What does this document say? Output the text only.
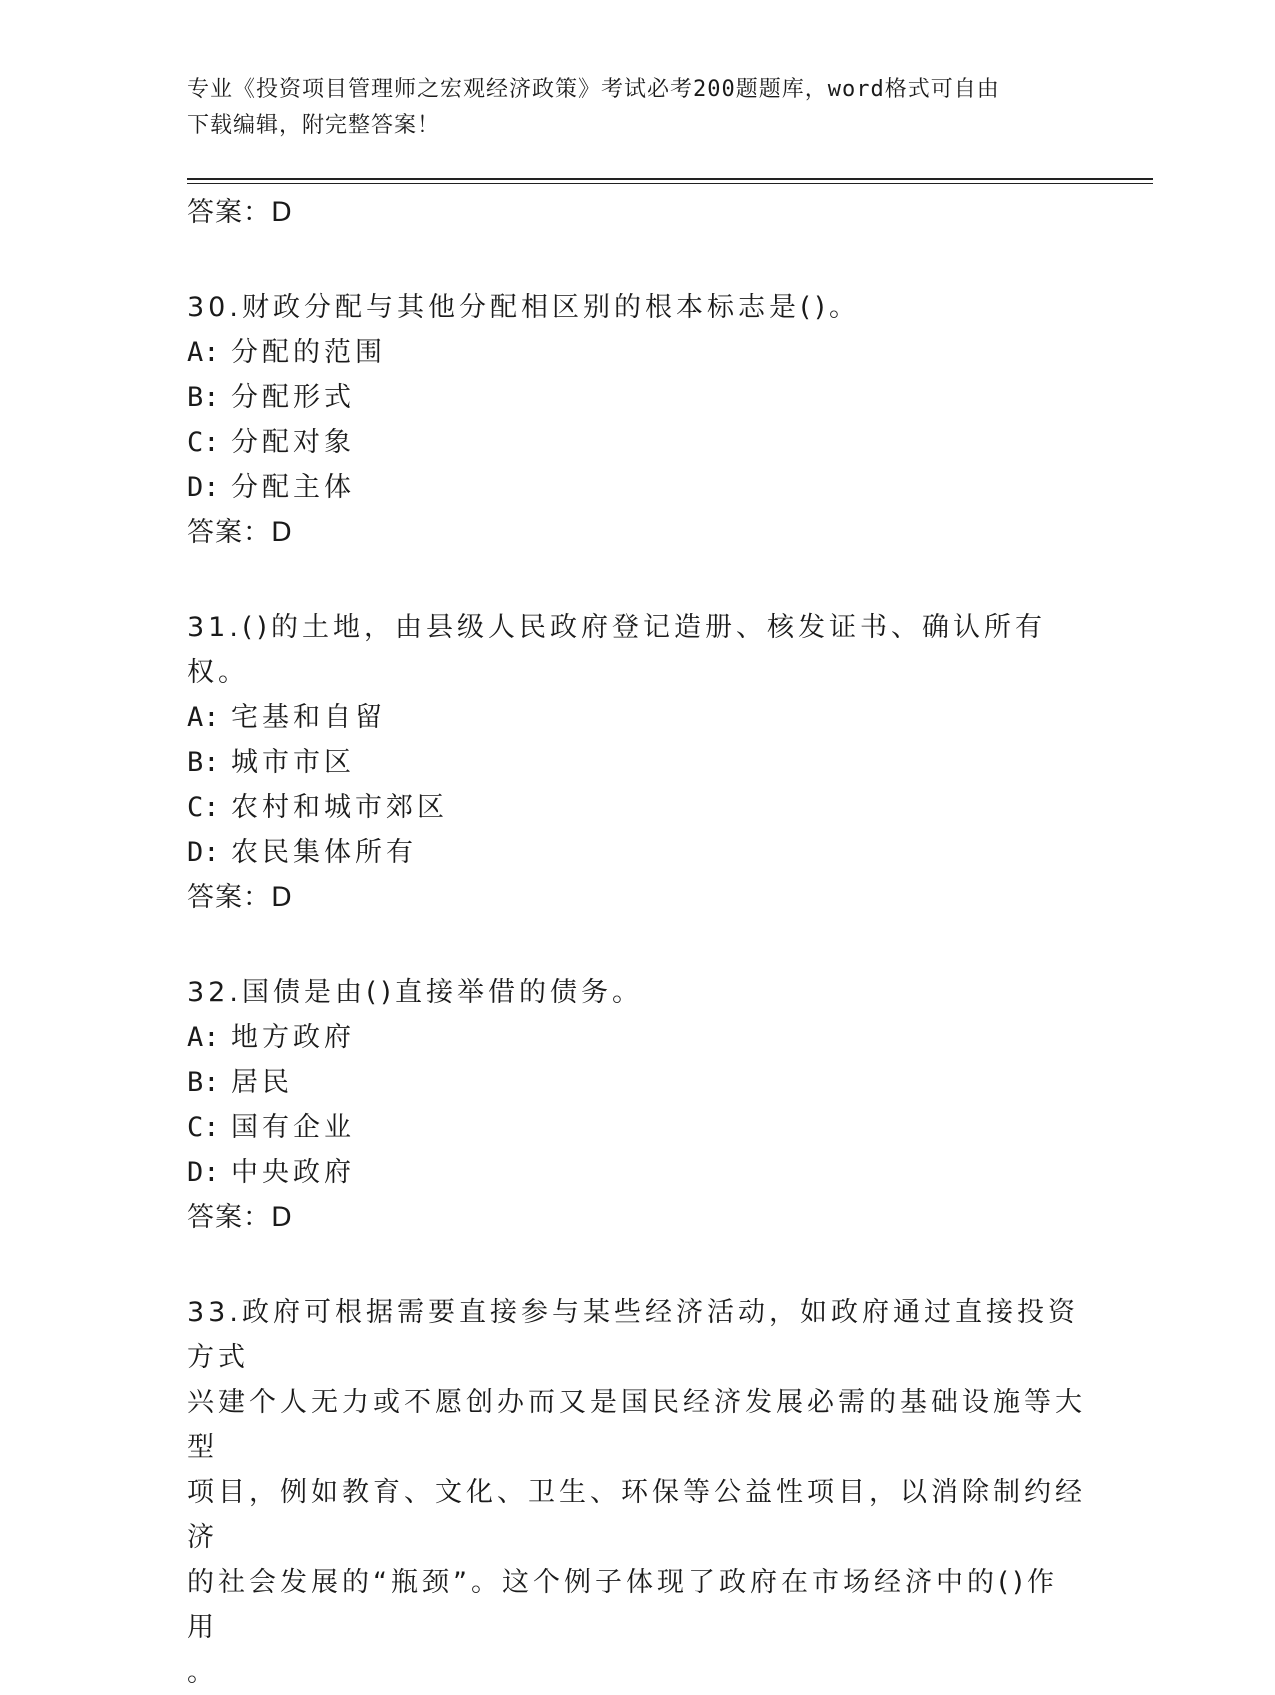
专业《投资项目管理师之宏观经济政策》考试必考200题题库，word格式可自由
下载编辑，附完整答案！
答案：D
30.财政分配与其他分配相区别的根本标志是()。
A: 分配的范围
B: 分配形式
C: 分配对象
D: 分配主体
答案：D
31.()的土地，由县级人民政府登记造册、核发证书、确认所有权。
A: 宅基和自留
B: 城市市区
C: 农村和城市郊区
D: 农民集体所有
答案：D
32.国债是由()直接举借的债务。
A: 地方政府
B: 居民
C: 国有企业
D: 中央政府
答案：D
33.政府可根据需要直接参与某些经济活动，如政府通过直接投资方式
兴建个人无力或不愿创办而又是国民经济发展必需的基础设施等大型
项目，例如教育、文化、卫生、环保等公益性项目，以消除制约经济
的社会发展的“瓶颈”。这个例子体现了政府在市场经济中的()作用
。
